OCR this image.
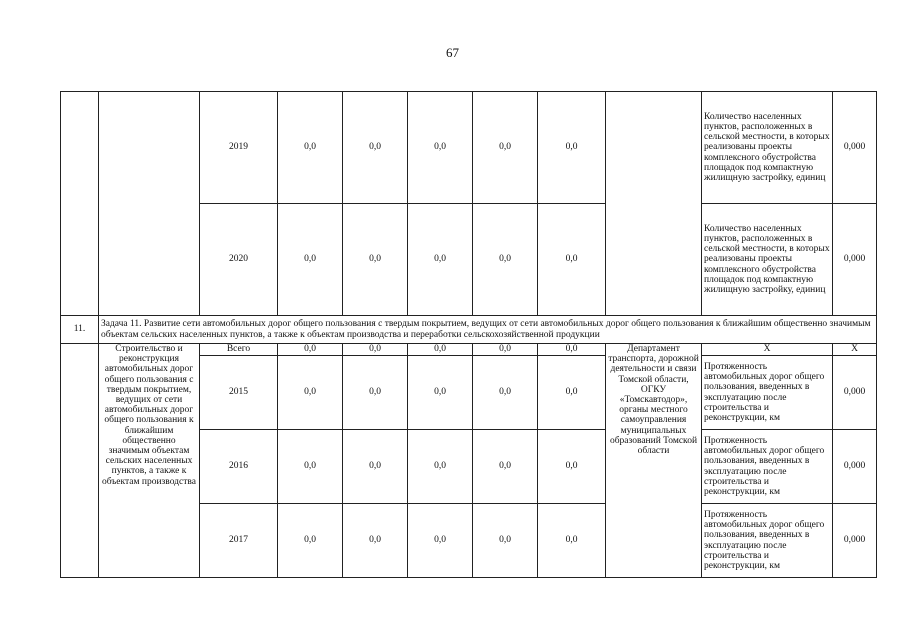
67
		2019	0,0	0,0	0,0	0,0	0,0		Количество населенных пунктов, расположенных в сельской местности, в которых реализованы проекты комплексного обустройства площадок под компактную жилищную застройку, единиц	0,000
		2020	0,0	0,0	0,0	0,0	0,0		Количество населенных пунктов, расположенных в сельской местности, в которых реализованы проекты комплексного обустройства площадок под компактную жилищную застройку, единиц	0,000
11.	Задача 11. Развитие сети автомобильных дорог общего пользования с твердым покрытием, ведущих от сети автомобильных дорог общего пользования к ближайшим общественно значимым объектам сельских населенных пунктов, а также к объектам производства и переработки сельскохозяйственной продукции									
	Строительство и реконструкция автомобильных дорог общего пользования с твердым покрытием, ведущих от сети автомобильных дорог общего пользования к ближайшим общественно значимым объектам сельских населенных пунктов, а также к объектам производства	Всего	0,0	0,0	0,0	0,0	0,0	Департамент транспорта, дорожной деятельности и связи Томской области, ОГКУ «Томскавтодор», органы местного самоуправления муниципальных образований Томской области	Х	Х
		2015	0,0	0,0	0,0	0,0	0,0		Протяженность автомобильных дорог общего пользования, введенных в эксплуатацию после строительства и реконструкции, км	0,000
		2016	0,0	0,0	0,0	0,0	0,0		Протяженность автомобильных дорог общего пользования, введенных в эксплуатацию после строительства и реконструкции, км	0,000
		2017	0,0	0,0	0,0	0,0	0,0		Протяженность автомобильных дорог общего пользования, введенных в эксплуатацию после строительства и реконструкции, км	0,000
